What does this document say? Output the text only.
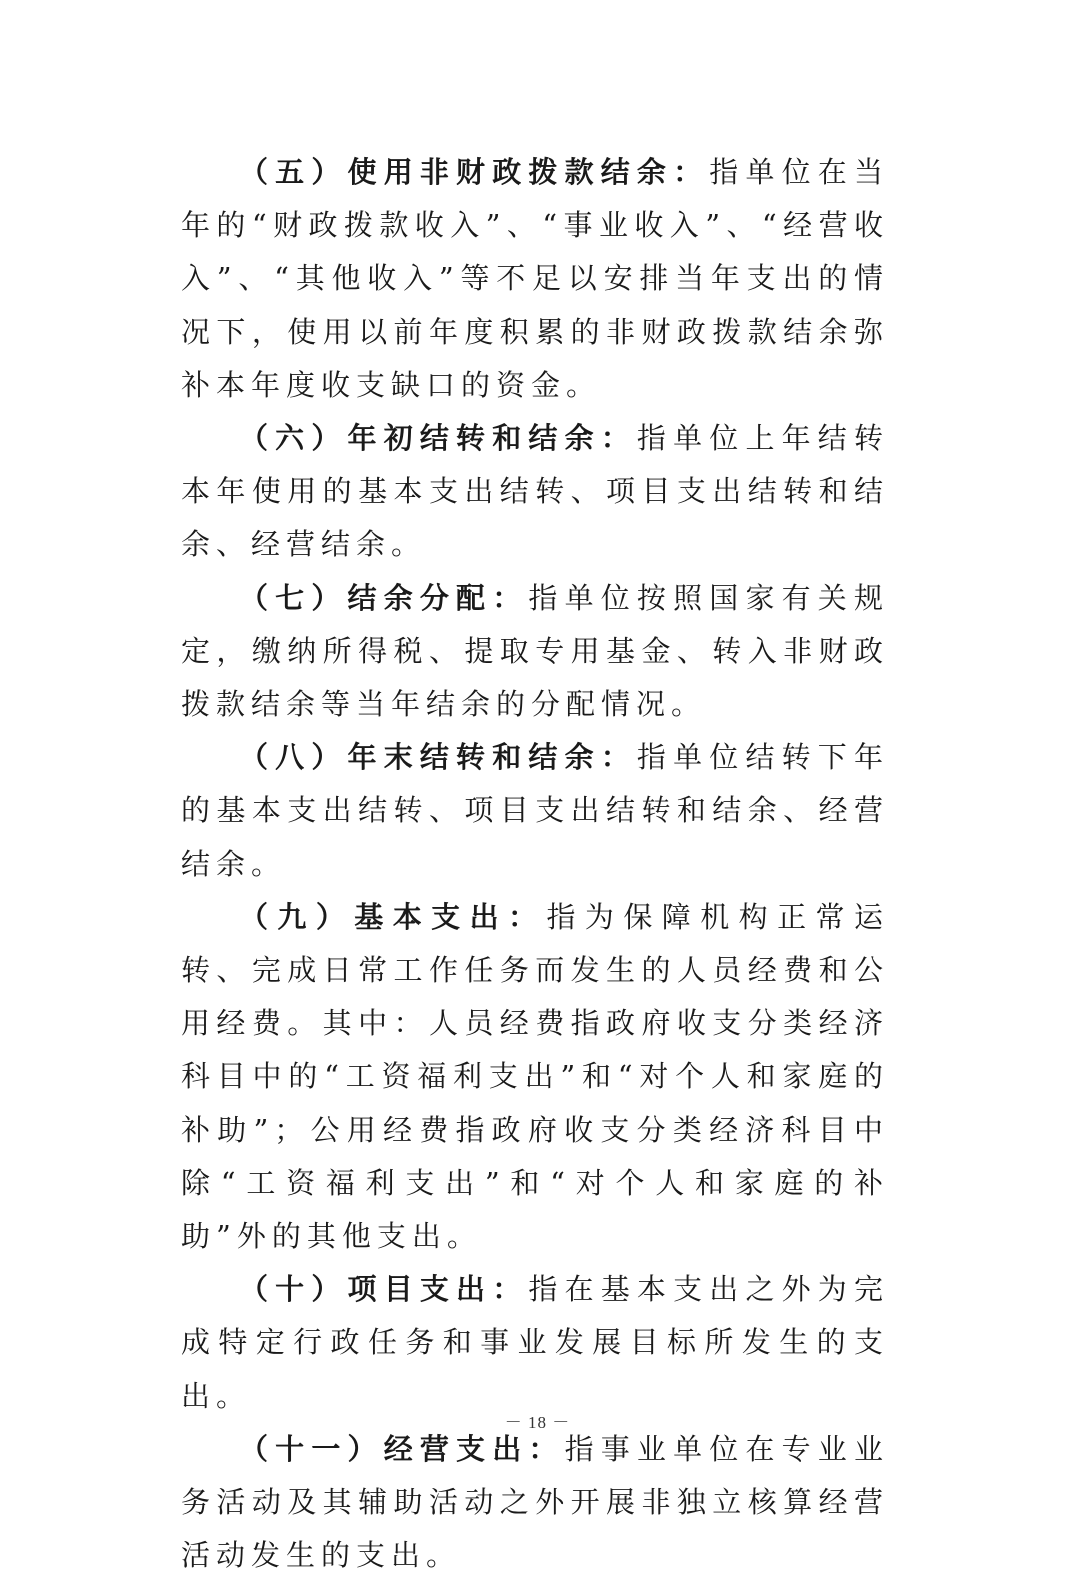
（五）使用非财政拨款结余：指单位在当年的“财政拨款收入”、“事业收入”、“经营收入”、“其他收入”等不足以安排当年支出的情况下，使用以前年度积累的非财政拨款结余弥补本年度收支缺口的资金。

（六）年初结转和结余：指单位上年结转本年使用的基本支出结转、项目支出结转和结余、经营结余。

（七）结余分配：指单位按照国家有关规定，缴纳所得税、提取专用基金、转入非财政拨款结余等当年结余的分配情况。

（八）年末结转和结余：指单位结转下年的基本支出结转、项目支出结转和结余、经营结余。

（九）基本支出：指为保障机构正常运转、完成日常工作任务而发生的人员经费和公用经费。其中：人员经费指政府收支分类经济科目中的“工资福利支出”和“对个人和家庭的补助”；公用经费指政府收支分类经济科目中除“工资福利支出”和“对个人和家庭的补助”外的其他支出。

（十）项目支出：指在基本支出之外为完成特定行政任务和事业发展目标所发生的支出。

（十一）经营支出：指事业单位在专业业务活动及其辅助活动之外开展非独立核算经营活动发生的支出。

－ 18 －
